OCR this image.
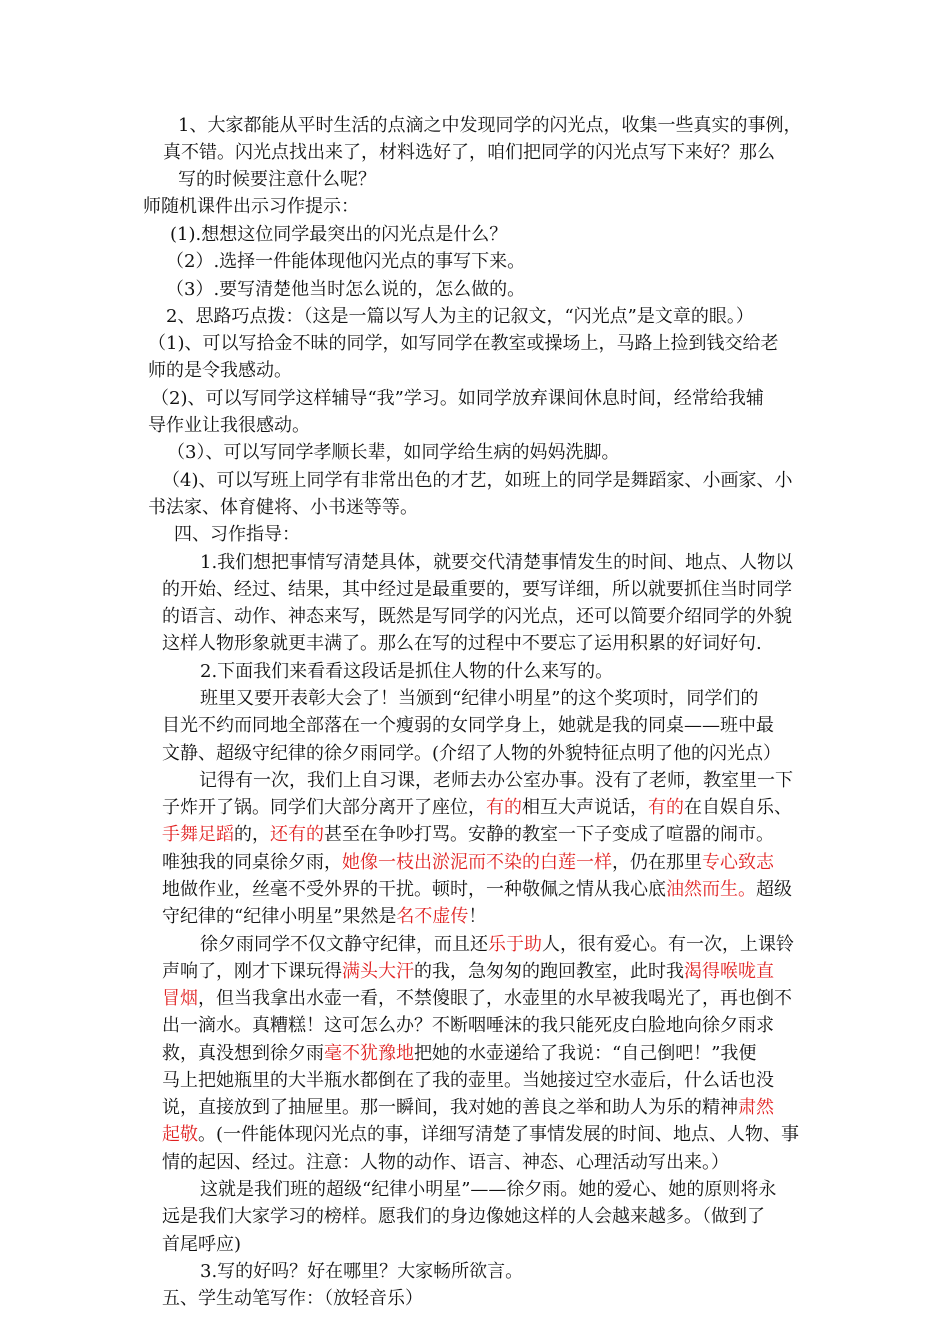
1、大家都能从平时生活的点滴之中发现同学的闪光点，收集一些真实的事例，
真不错。闪光点找出来了，材料选好了，咱们把同学的闪光点写下来好？那么
写的时候要注意什么呢？
师随机课件出示习作提示：
(1).想想这位同学最突出的闪光点是什么？
（2）.选择一件能体现他闪光点的事写下来。
（3）.要写清楚他当时怎么说的，怎么做的。
2、思路巧点拨：（这是一篇以写人为主的记叙文，“闪光点”是文章的眼。）
（1)、可以写拾金不昧的同学，如写同学在教室或操场上，马路上捡到钱交给老
师的是令我感动。
（2)、可以写同学这样辅导“我”学习。如同学放弃课间休息时间，经常给我辅
导作业让我很感动。
（3）、可以写同学孝顺长辈，如同学给生病的妈妈洗脚。
（4)、可以写班上同学有非常出色的才艺，如班上的同学是舞蹈家、小画家、小
书法家、体育健将、小书迷等等。
四、习作指导：
1.我们想把事情写清楚具体，就要交代清楚事情发生的时间、地点、人物以
的开始、经过、结果，其中经过是最重要的，要写详细，所以就要抓住当时同学
的语言、动作、神态来写，既然是写同学的闪光点，还可以简要介绍同学的外貌
这样人物形象就更丰满了。那么在写的过程中不要忘了运用积累的好词好句.
2.下面我们来看看这段话是抓住人物的什么来写的。
班里又要开表彰大会了！当颁到“纪律小明星”的这个奖项时，同学们的
目光不约而同地全部落在一个瘦弱的女同学身上，她就是我的同桌——班中最
文静、超级守纪律的徐夕雨同学。(介绍了人物的外貌特征点明了他的闪光点）
记得有一次，我们上自习课，老师去办公室办事。没有了老师，教室里一下
子炸开了锅。同学们大部分离开了座位，有的相互大声说话，有的在自娱自乐、
手舞足蹈的，还有的甚至在争吵打骂。安静的教室一下子变成了喧嚣的闹市。
唯独我的同桌徐夕雨，她像一枝出淤泥而不染的白莲一样，仍在那里专心致志
地做作业，丝毫不受外界的干扰。顿时，一种敬佩之情从我心底油然而生。超级
守纪律的“纪律小明星”果然是名不虚传！
徐夕雨同学不仅文静守纪律，而且还乐于助人，很有爱心。有一次，上课铃
声响了，刚才下课玩得满头大汗的我，急匆匆的跑回教室，此时我渴得喉咙直
冒烟，但当我拿出水壶一看，不禁傻眼了，水壶里的水早被我喝光了，再也倒不
出一滴水。真糟糕！这可怎么办？不断咽唾沫的我只能死皮白脸地向徐夕雨求
救，真没想到徐夕雨毫不犹豫地把她的水壶递给了我说：“自己倒吧！”我便
马上把她瓶里的大半瓶水都倒在了我的壶里。当她接过空水壶后，什么话也没
说，直接放到了抽屉里。那一瞬间，我对她的善良之举和助人为乐的精神肃然
起敬。(一件能体现闪光点的事，详细写清楚了事情发展的时间、地点、人物、事
情的起因、经过。注意：人物的动作、语言、神态、心理活动写出来。）
这就是我们班的超级“纪律小明星”——徐夕雨。她的爱心、她的原则将永
远是我们大家学习的榜样。愿我们的身边像她这样的人会越来越多。（做到了
首尾呼应)
3.写的好吗？好在哪里？大家畅所欲言。
五、学生动笔写作：（放轻音乐）
